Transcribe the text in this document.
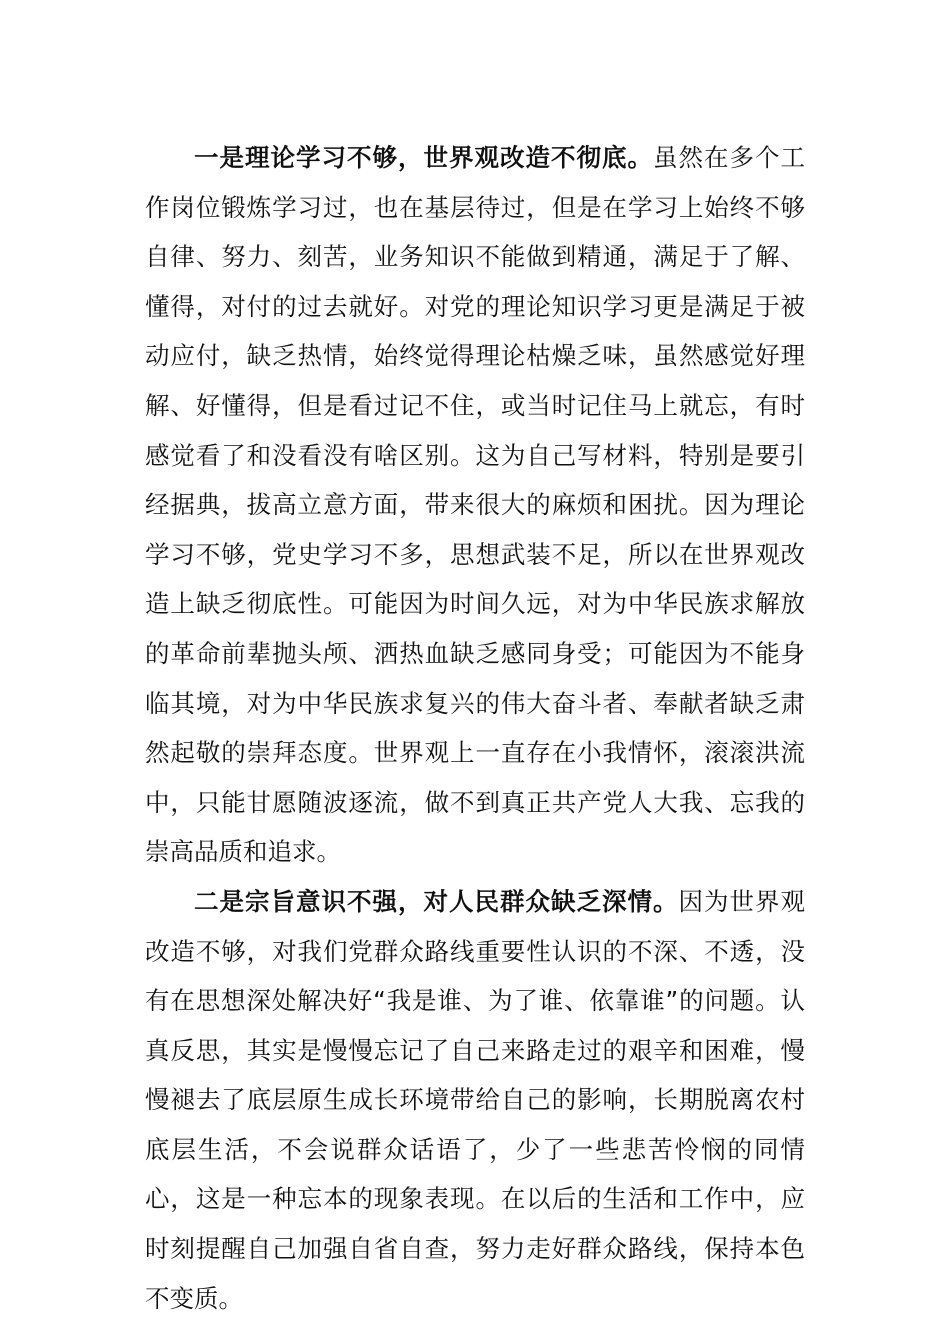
一是理论学习不够，世界观改造不彻底。虽然在多个工作岗位锻炼学习过，也在基层待过，但是在学习上始终不够自律、努力、刻苦，业务知识不能做到精通，满足于了解、懂得，对付的过去就好。对党的理论知识学习更是满足于被动应付，缺乏热情，始终觉得理论枯燥乏味，虽然感觉好理解、好懂得，但是看过记不住，或当时记住马上就忘，有时感觉看了和没看没有啥区别。这为自己写材料，特别是要引经据典，拔高立意方面，带来很大的麻烦和困扰。因为理论学习不够，党史学习不多，思想武装不足，所以在世界观改造上缺乏彻底性。可能因为时间久远，对为中华民族求解放的革命前辈抛头颅、洒热血缺乏感同身受；可能因为不能身临其境，对为中华民族求复兴的伟大奋斗者、奉献者缺乏肃然起敬的崇拜态度。世界观上一直存在小我情怀，滚滚洪流中，只能甘愿随波逐流，做不到真正共产党人大我、忘我的崇高品质和追求。

二是宗旨意识不强，对人民群众缺乏深情。因为世界观改造不够，对我们党群众路线重要性认识的不深、不透，没有在思想深处解决好“我是谁、为了谁、依靠谁”的问题。认真反思，其实是慢慢忘记了自己来路走过的艰辛和困难，慢慢褪去了底层原生成长环境带给自己的影响，长期脱离农村底层生活，不会说群众话语了，少了一些悲苦怜悯的同情心，这是一种忘本的现象表现。在以后的生活和工作中，应时刻提醒自己加强自省自查，努力走好群众路线，保持本色不变质。
